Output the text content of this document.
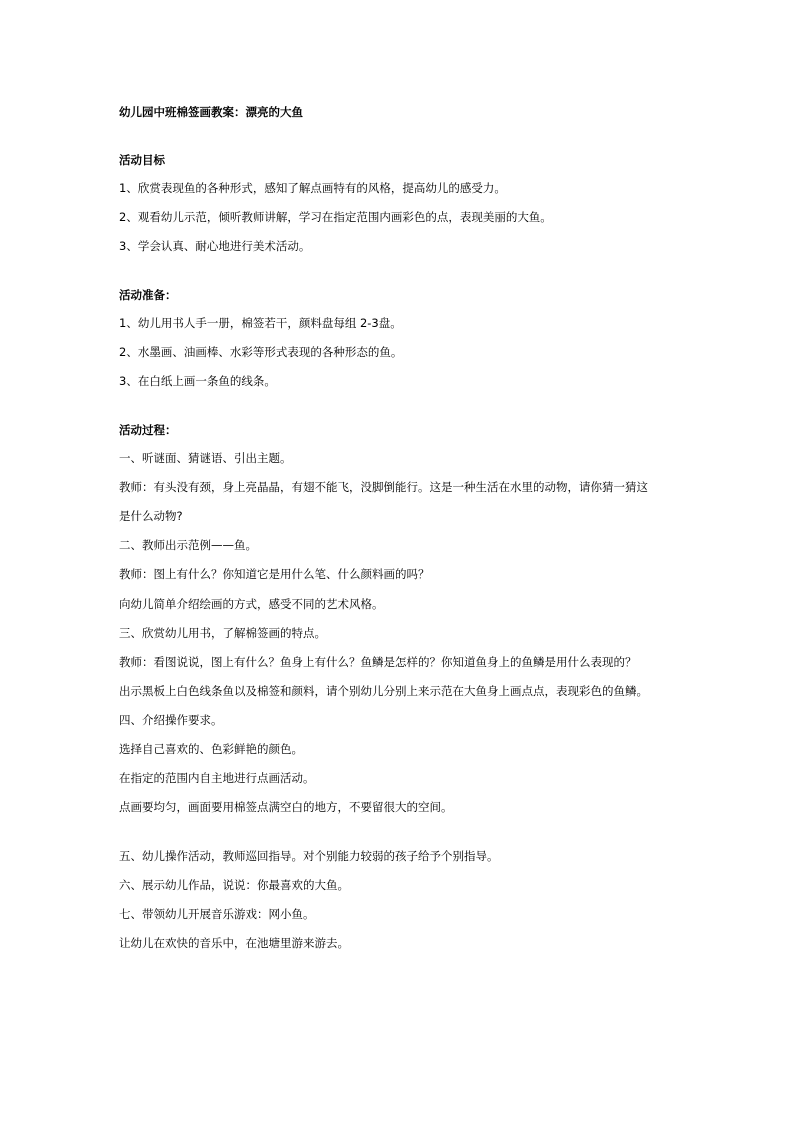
幼儿园中班棉签画教案：漂亮的大鱼
活动目标
1、欣赏表现鱼的各种形式，感知了解点画特有的风格，提高幼儿的感受力。
2、观看幼儿示范，倾听教师讲解，学习在指定范围内画彩色的点，表现美丽的大鱼。
3、学会认真、耐心地进行美术活动。
活动准备：
1、幼儿用书人手一册，棉签若干，颜料盘每组 2-3盘。
2、水墨画、油画棒、水彩等形式表现的各种形态的鱼。
3、在白纸上画一条鱼的线条。
活动过程：
一、听谜面、猜谜语、引出主题。
教师：有头没有颈，身上亮晶晶，有翅不能飞，没脚倒能行。这是一种生活在水里的动物，请你猜一猜这
是什么动物?
二、教师出示范例——鱼。
教师：图上有什么？你知道它是用什么笔、什么颜料画的吗？
向幼儿简单介绍绘画的方式，感受不同的艺术风格。
三、欣赏幼儿用书，了解棉签画的特点。
教师：看图说说，图上有什么？鱼身上有什么？鱼鳞是怎样的？你知道鱼身上的鱼鳞是用什么表现的？
出示黑板上白色线条鱼以及棉签和颜料，请个别幼儿分别上来示范在大鱼身上画点点，表现彩色的鱼鳞。
四、介绍操作要求。
选择自己喜欢的、色彩鲜艳的颜色。
在指定的范围内自主地进行点画活动。
点画要均匀，画面要用棉签点满空白的地方，不要留很大的空间。
五、幼儿操作活动，教师巡回指导。对个别能力较弱的孩子给予个别指导。
六、展示幼儿作品，说说：你最喜欢的大鱼。
七、带领幼儿开展音乐游戏：网小鱼。
让幼儿在欢快的音乐中，在池塘里游来游去。
